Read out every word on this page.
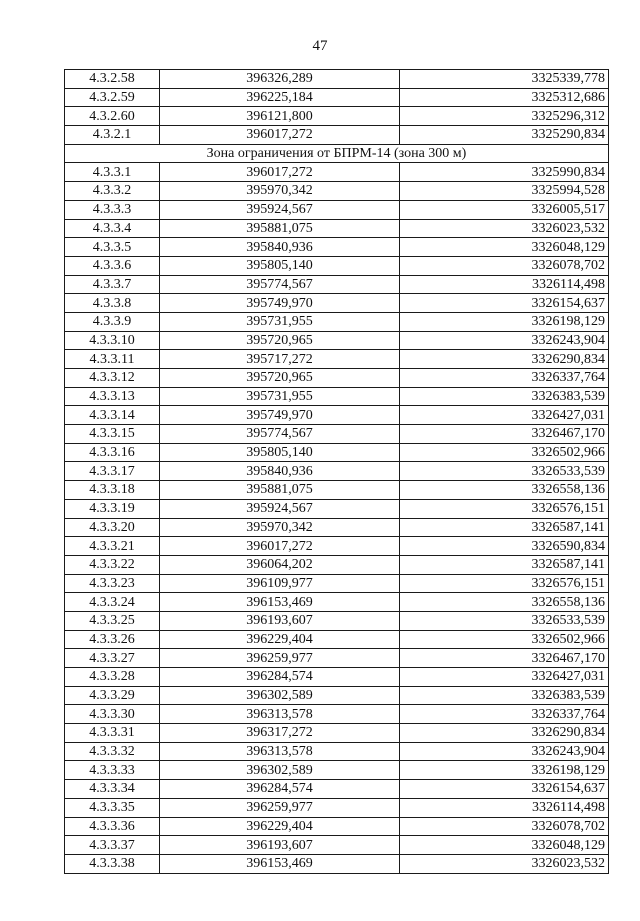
47
4.3.2.58	396326,289	3325339,778
4.3.2.59	396225,184	3325312,686
4.3.2.60	396121,800	3325296,312
4.3.2.1	396017,272	3325290,834
Зона ограничения от БПРМ-14 (зона 300 м)		
4.3.3.1	396017,272	3325990,834
4.3.3.2	395970,342	3325994,528
4.3.3.3	395924,567	3326005,517
4.3.3.4	395881,075	3326023,532
4.3.3.5	395840,936	3326048,129
4.3.3.6	395805,140	3326078,702
4.3.3.7	395774,567	3326114,498
4.3.3.8	395749,970	3326154,637
4.3.3.9	395731,955	3326198,129
4.3.3.10	395720,965	3326243,904
4.3.3.11	395717,272	3326290,834
4.3.3.12	395720,965	3326337,764
4.3.3.13	395731,955	3326383,539
4.3.3.14	395749,970	3326427,031
4.3.3.15	395774,567	3326467,170
4.3.3.16	395805,140	3326502,966
4.3.3.17	395840,936	3326533,539
4.3.3.18	395881,075	3326558,136
4.3.3.19	395924,567	3326576,151
4.3.3.20	395970,342	3326587,141
4.3.3.21	396017,272	3326590,834
4.3.3.22	396064,202	3326587,141
4.3.3.23	396109,977	3326576,151
4.3.3.24	396153,469	3326558,136
4.3.3.25	396193,607	3326533,539
4.3.3.26	396229,404	3326502,966
4.3.3.27	396259,977	3326467,170
4.3.3.28	396284,574	3326427,031
4.3.3.29	396302,589	3326383,539
4.3.3.30	396313,578	3326337,764
4.3.3.31	396317,272	3326290,834
4.3.3.32	396313,578	3326243,904
4.3.3.33	396302,589	3326198,129
4.3.3.34	396284,574	3326154,637
4.3.3.35	396259,977	3326114,498
4.3.3.36	396229,404	3326078,702
4.3.3.37	396193,607	3326048,129
4.3.3.38	396153,469	3326023,532
